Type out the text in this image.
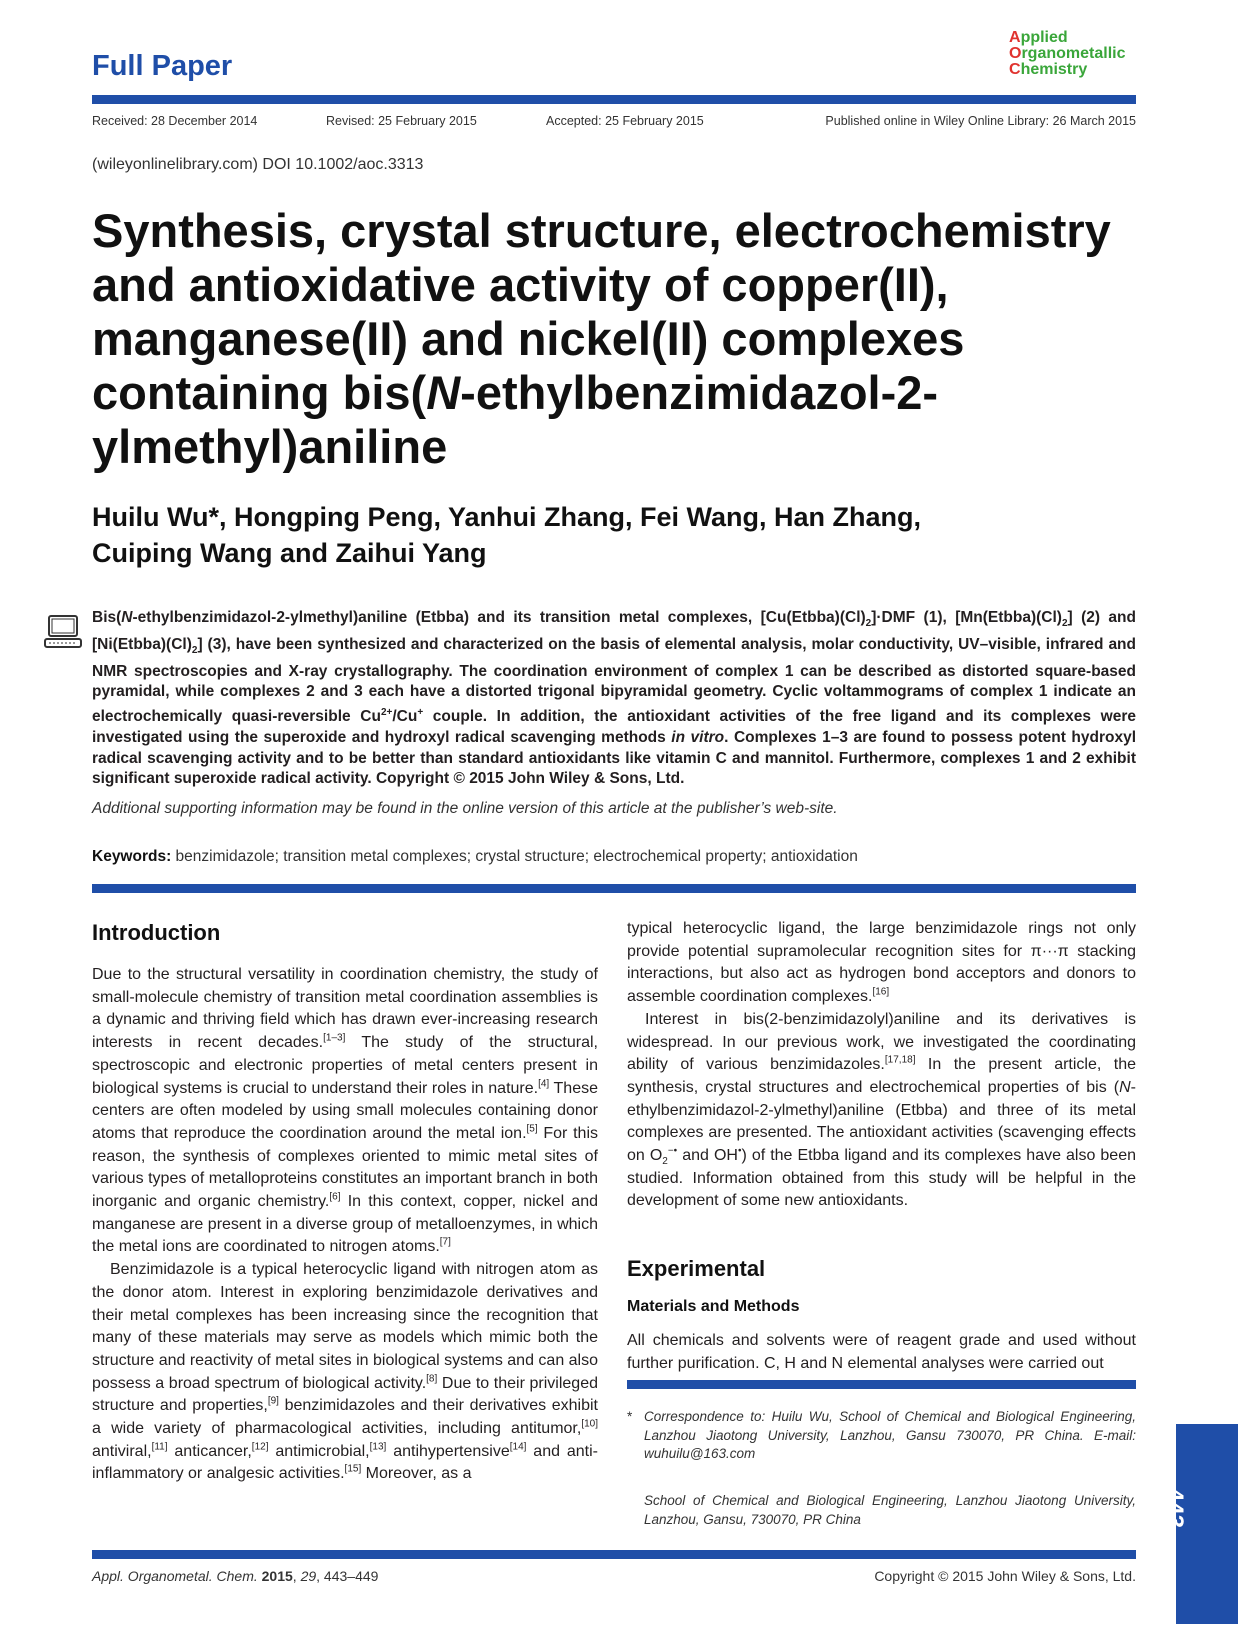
Full Paper
Applied
Organometallic
Chemistry
Received: 28 December 2014	Revised: 25 February 2015	Accepted: 25 February 2015	Published online in Wiley Online Library: 26 March 2015
(wileyonlinelibrary.com) DOI 10.1002/aoc.3313
Synthesis, crystal structure, electrochemistry and antioxidative activity of copper(II), manganese(II) and nickel(II) complexes containing bis(N-ethylbenzimidazol-2-ylmethyl)aniline
Huilu Wu*, Hongping Peng, Yanhui Zhang, Fei Wang, Han Zhang,
Cuiping Wang and Zaihui Yang

Bis(N-ethylbenzimidazol-2-ylmethyl)aniline (Etbba) and its transition metal complexes, $[Cu(Etbba)(Cl)_2]\cdot DMF$ (1), $[Mn(Etbba)(Cl)_2]$ (2) and $[Ni(Etbba)(Cl)_2]$ (3), have been synthesized and characterized on the basis of elemental analysis, molar conductivity, UV–visible, infrared and NMR spectroscopies and X-ray crystallography. The coordination environment of complex 1 can be described as distorted square-based pyramidal, while complexes 2 and 3 each have a distorted trigonal bipyramidal geometry. Cyclic voltammograms of complex 1 indicate an electrochemically quasi-reversible $Cu^{2+}/Cu^+$ couple. In addition, the antioxidant activities of the free ligand and its complexes were investigated using the superoxide and hydroxyl radical scavenging methods in vitro. Complexes 1–3 are found to possess potent hydroxyl radical scavenging activity and to be better than standard antioxidants like vitamin C and mannitol. Furthermore, complexes 1 and 2 exhibit significant superoxide radical activity. Copyright © 2015 John Wiley & Sons, Ltd.

Additional supporting information may be found in the online version of this article at the publisher’s web-site.
Keywords: benzimidazole; transition metal complexes; crystal structure; electrochemical property; antioxidation
Introduction

Due to the structural versatility in coordination chemistry, the study of small-molecule chemistry of transition metal coordination assemblies is a dynamic and thriving field which has drawn ever-increasing research interests in recent decades.[1–3] The study of the structural, spectroscopic and electronic properties of metal centers present in biological systems is crucial to understand their roles in nature.[4] These centers are often modeled by using small molecules containing donor atoms that reproduce the coordination around the metal ion.[5] For this reason, the synthesis of complexes oriented to mimic metal sites of various types of metalloproteins constitutes an important branch in both inorganic and organic chemistry.[6] In this context, copper, nickel and manganese are present in a diverse group of metalloenzymes, in which the metal ions are coordinated to nitrogen atoms.[7]

Benzimidazole is a typical heterocyclic ligand with nitrogen atom as the donor atom. Interest in exploring benzimidazole derivatives and their metal complexes has been increasing since the recognition that many of these materials may serve as models which mimic both the structure and reactivity of metal sites in biological systems and can also possess a broad spectrum of biological activity.[8] Due to their privileged structure and properties,[9] benzimidazoles and their derivatives exhibit a wide variety of pharmacological activities, including antitumor,[10] antiviral,[11] anticancer,[12] antimicrobial,[13] antihypertensive[14] and anti-inflammatory or analgesic activities.[15] Moreover, as a

typical heterocyclic ligand, the large benzimidazole rings not only provide potential supramolecular recognition sites for π···π stacking interactions, but also act as hydrogen bond acceptors and donors to assemble coordination complexes.[16]

Interest in bis(2-benzimidazolyl)aniline and its derivatives is widespread. In our previous work, we investigated the coordinating ability of various benzimidazoles.[17,18] In the present article, the synthesis, crystal structures and electrochemical properties of bis (N-ethylbenzimidazol-2-ylmethyl)aniline (Etbba) and three of its metal complexes are presented. The antioxidant activities (scavenging effects on $O_2^{-•}$ and OH•) of the Etbba ligand and its complexes have also been studied. Information obtained from this study will be helpful in the development of some new antioxidants.

Experimental
Materials and Methods

All chemicals and solvents were of reagent grade and used without further purification. C, H and N elemental analyses were carried out

* Correspondence to: Huilu Wu, School of Chemical and Biological Engineering, Lanzhou Jiaotong University, Lanzhou, Gansu 730070, PR China. E-mail: wuhuilu@163.com
School of Chemical and Biological Engineering, Lanzhou Jiaotong University, Lanzhou, Gansu, 730070, PR China	443
Appl. Organometal. Chem. 2015, 29, 443–449	Copyright © 2015 John Wiley & Sons, Ltd.
